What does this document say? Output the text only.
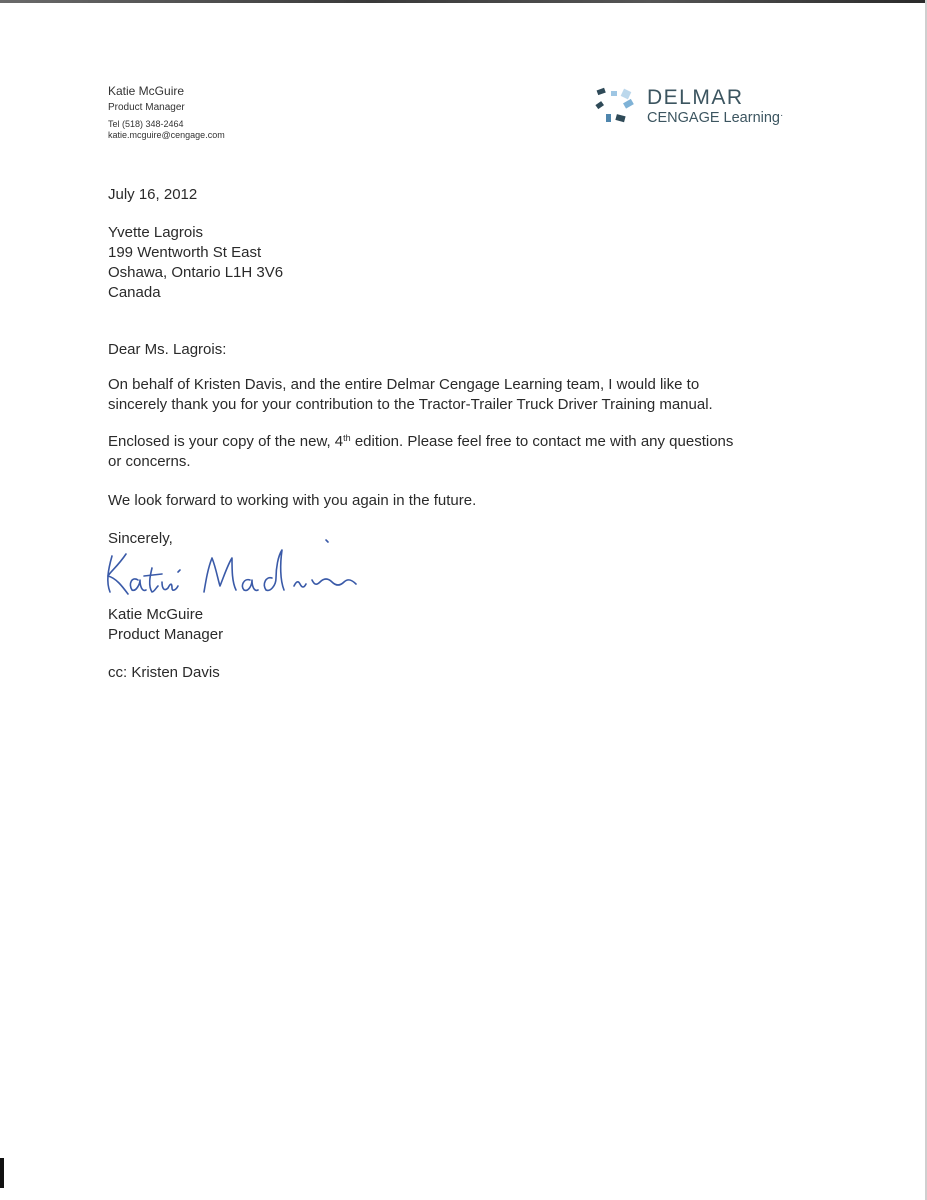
Katie McGuire
Product Manager
Tel (518) 348-2464
katie.mcguire@cengage.com
DELMAR
CENGAGE Learning·
July 16, 2012
Yvette Lagrois
199 Wentworth St East
Oshawa, Ontario L1H 3V6
Canada
Dear Ms. Lagrois:
On behalf of Kristen Davis, and the entire Delmar Cengage Learning team, I would like to
sincerely thank you for your contribution to the Tractor-Trailer Truck Driver Training manual.
Enclosed is your copy of the new, 4th edition. Please feel free to contact me with any questions
or concerns.
We look forward to working with you again in the future.
Sincerely,
Katie McGuire
Product Manager
cc: Kristen Davis
